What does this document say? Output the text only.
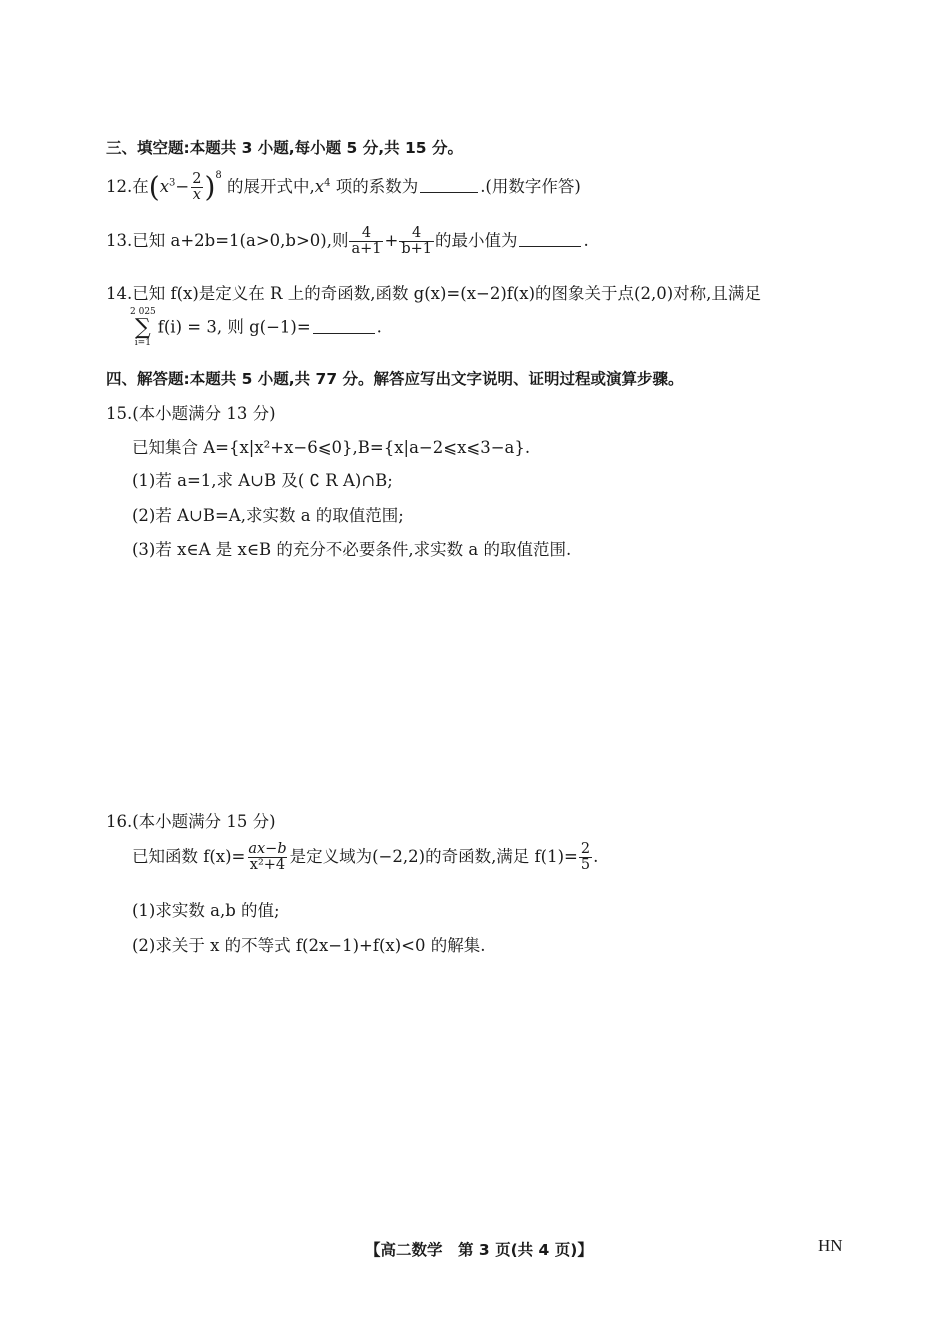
三、填空题:本题共 3 小题,每小题 5 分,共 15 分。
12.在$(x^3- \frac{2}{x} )^8$ 的展开式中$,x^4$ 项的系数为	.(用数字作答)
13.已知 a+2b=1(a>0,b>0),则 $\frac{4}{a+1} + \frac{4}{b+1}$ 的最小值为	.
14.已知 f(x)是定义在 R 上的奇函数,函数 g(x)=(x−2)f(x)的图象关于点(2,0)对称,且满足
2 025
∑
i=1
f(i) = 3, 则 g(−1)=	.
四、解答题:本题共 5 小题,共 77 分。解答应写出文字说明、证明过程或演算步骤。
15.(本小题满分 13 分)
已知集合 A={x|x²+x−6⩽0},B={x|a−2⩽x⩽3−a}.
(1)若 a=1,求 A∪B 及( ∁ R A)∩B;
(2)若 A∪B=A,求实数 a 的取值范围;
(3)若 x∈A 是 x∈B 的充分不必要条件,求实数 a 的取值范围.
16.(本小题满分 15 分)
已知函数 $f(x)= \frac{ax-b}{\text{x²+4}}$ 是定义域为(−2,2)的奇函数,满足 $f(1)= \frac{2}{5}$ .
(1)求实数 a,b 的值;
(2)求关于 x 的不等式 f(2x−1)+f(x)<0 的解集.
【高二数学　第 3 页(共 4 页)】	HN
